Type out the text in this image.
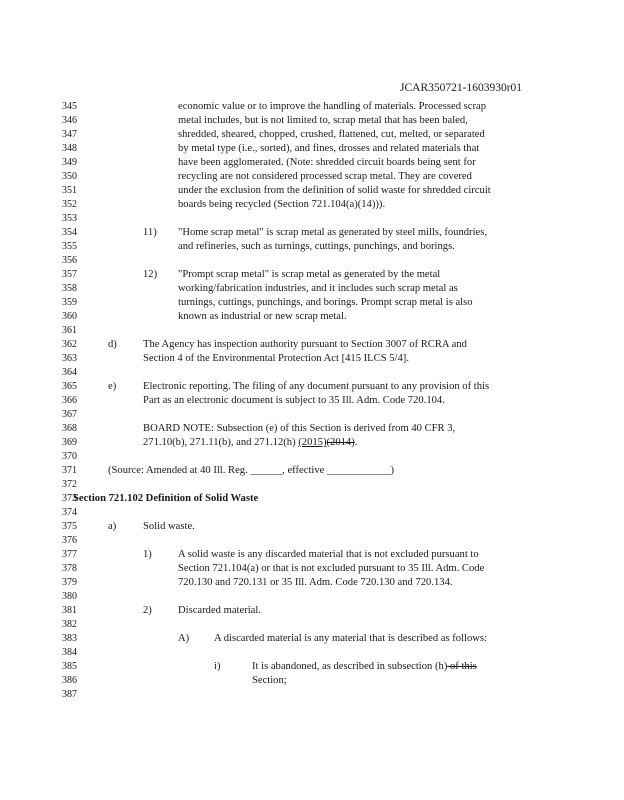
JCAR350721-1603930r01
345
346
347
348
349
350
351
352
353
354
355
356
357
358
359
360
361
362
363
364
365
366
367
368
369
370
371
372
373
374
375
376
377
378
379
380
381
382
383
384
385
386
387
economic value or to improve the handling of materials. Processed scrap
metal includes, but is not limited to, scrap metal that has been baled,
shredded, sheared, chopped, crushed, flattened, cut, melted, or separated
by metal type (i.e., sorted), and fines, drosses and related materials that
have been agglomerated. (Note: shredded circuit boards being sent for
recycling are not considered processed scrap metal. They are covered
under the exclusion from the definition of solid waste for shredded circuit
boards being recycled (Section 721.104(a)(14))).
11) "Home scrap metal" is scrap metal as generated by steel mills, foundries,
and refineries, such as turnings, cuttings, punchings, and borings.
12) "Prompt scrap metal" is scrap metal as generated by the metal
working/fabrication industries, and it includes such scrap metal as
turnings, cuttings, punchings, and borings. Prompt scrap metal is also
known as industrial or new scrap metal.
d) The Agency has inspection authority pursuant to Section 3007 of RCRA and
Section 4 of the Environmental Protection Act [415 ILCS 5/4].
e)	Electronic reporting. The filing of any document pursuant to any provision of this
Part as an electronic document is subject to 35 Ill. Adm. Code 720.104.
BOARD NOTE: Subsection (e) of this Section is derived from 40 CFR 3,
271.10(b), 271.11(b), and 271.12(h) (2015)(2014).
(Source: Amended at 40 Ill. Reg. ______, effective ____________)
Section 721.102 Definition of Solid Waste
a)	Solid waste.
1) A solid waste is any discarded material that is not excluded pursuant to
Section 721.104(a) or that is not excluded pursuant to 35 Ill. Adm. Code
720.130 and 720.131 or 35 Ill. Adm. Code 720.130 and 720.134.
2) Discarded material.
A) A discarded material is any material that is described as follows:
i)	It is abandoned, as described in subsection (h) of this
Section;
